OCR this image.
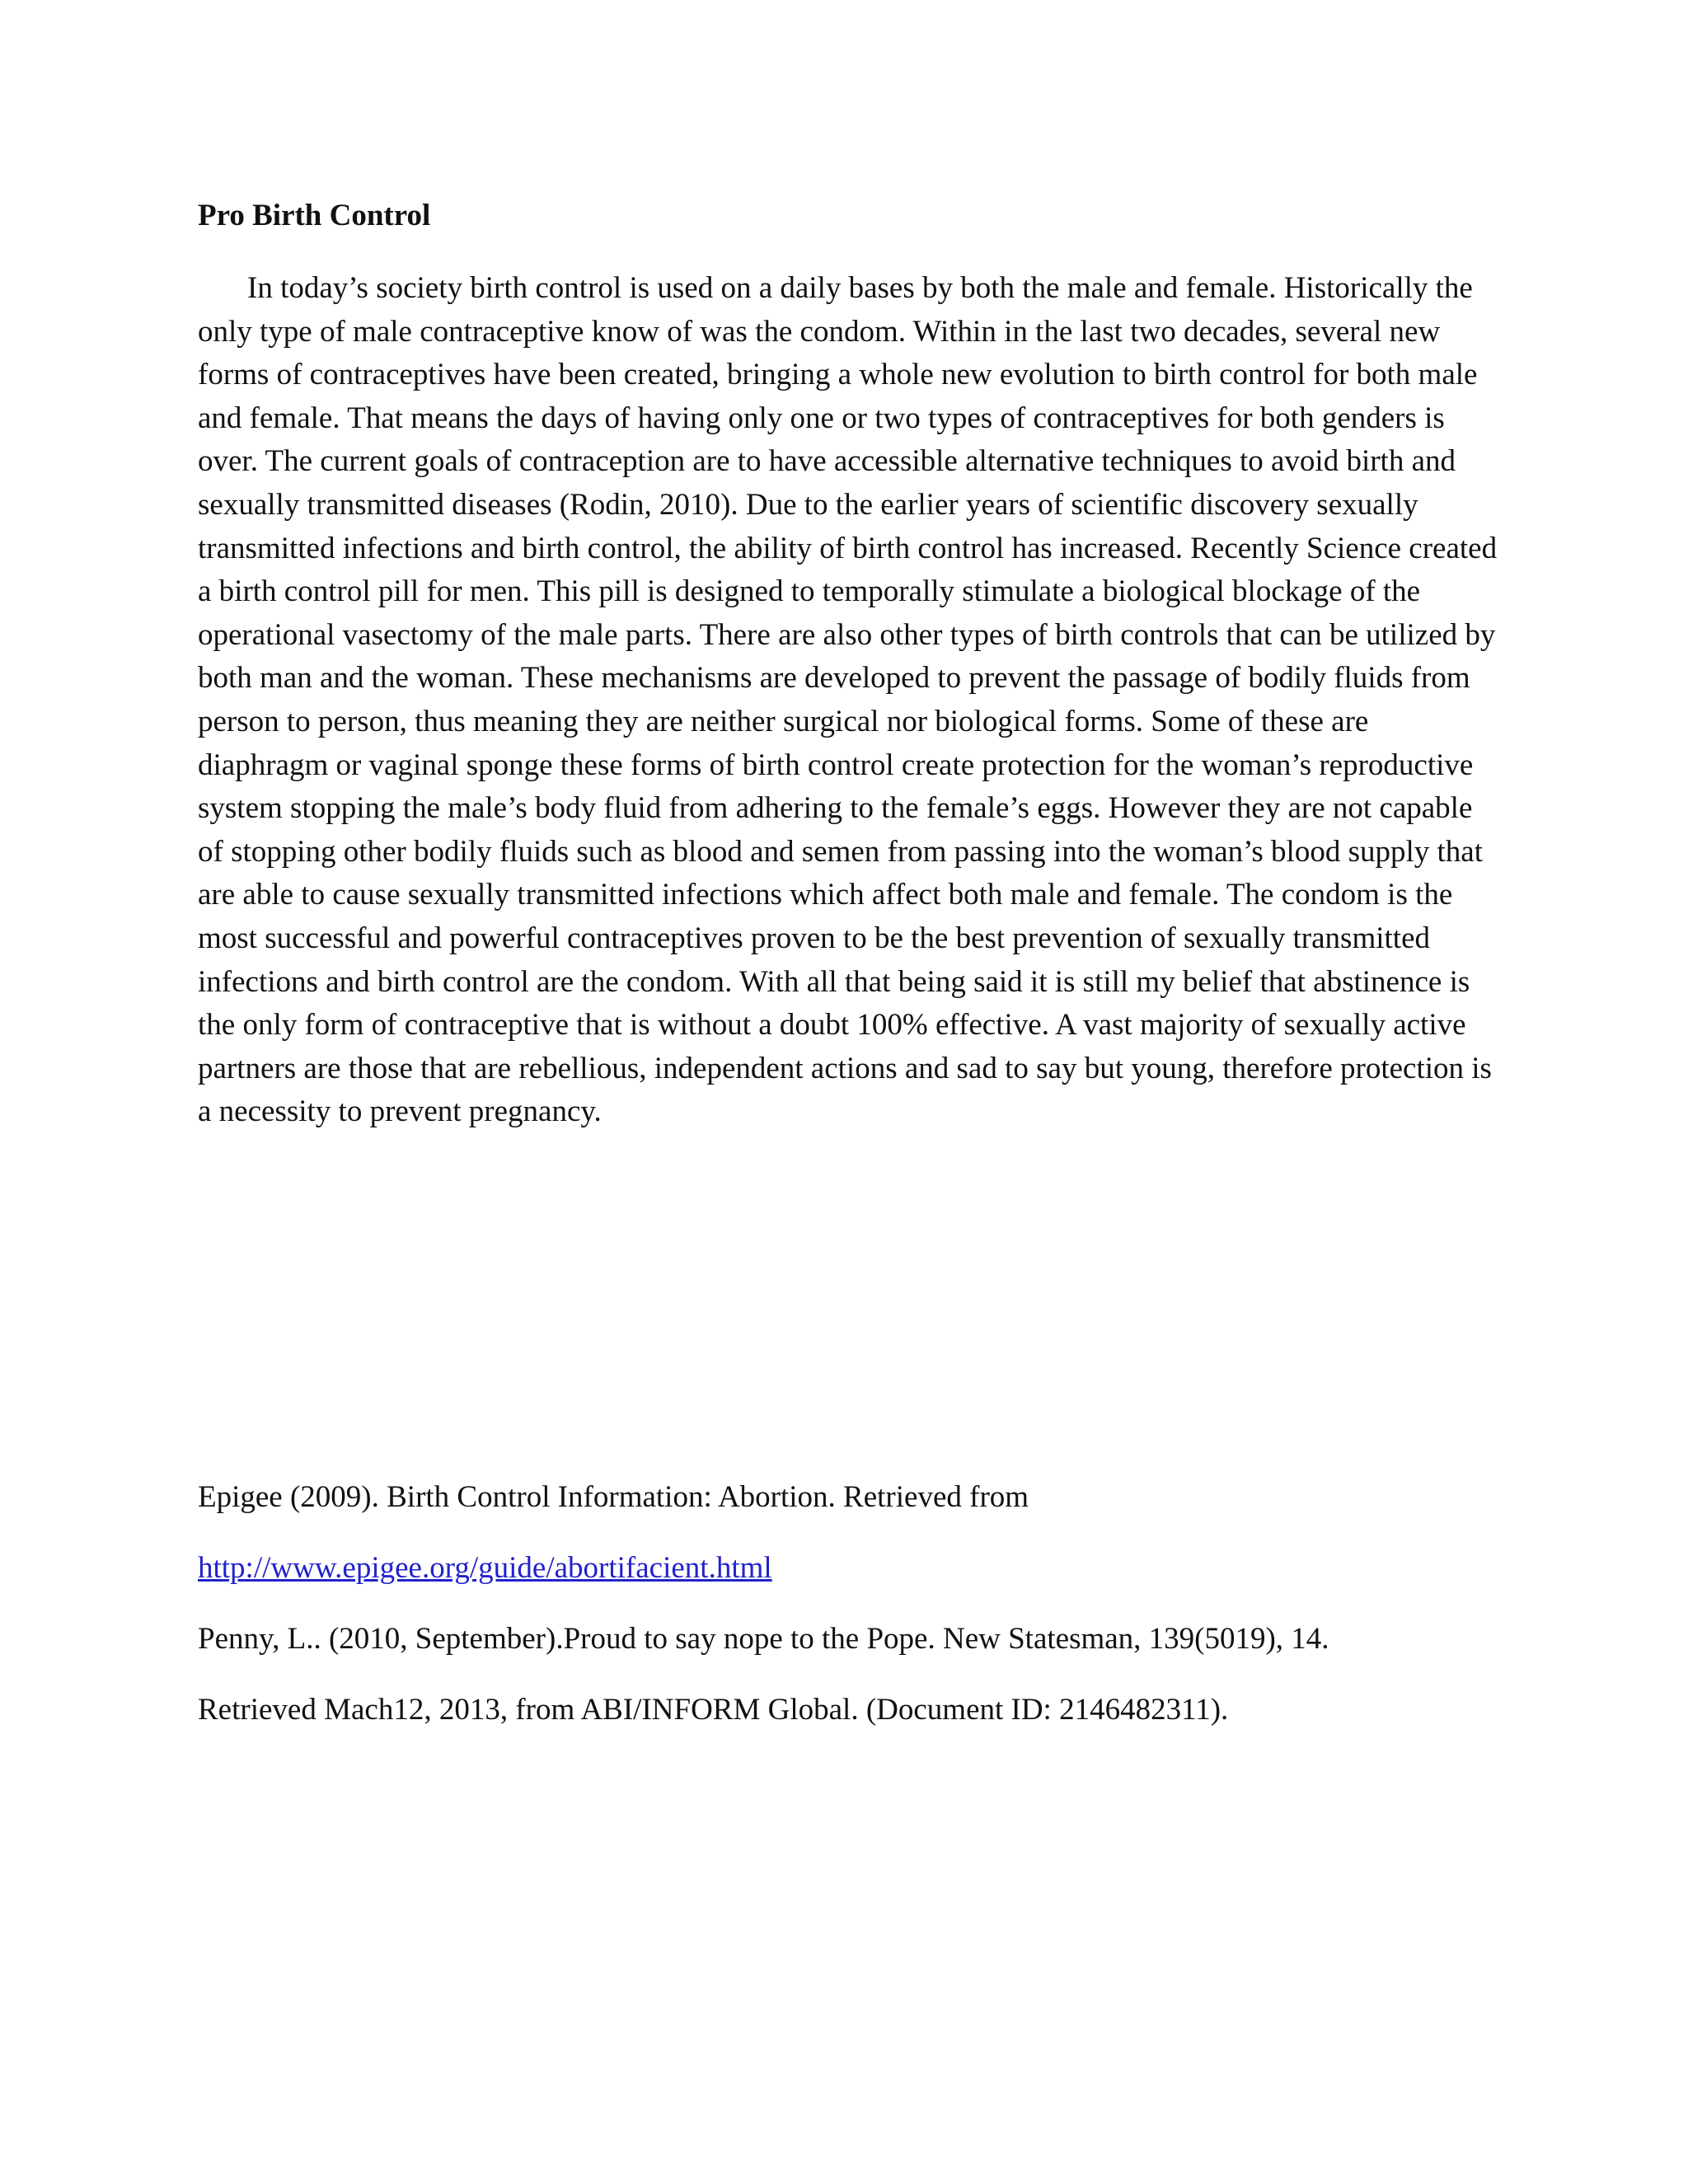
Pro Birth Control

In today’s society birth control is used on a daily bases by both the male and female. Historically the only type of male contraceptive know of was the condom. Within in the last two decades, several new forms of contraceptives have been created, bringing a whole new evolution to birth control for both male and female. That means the days of having only one or two types of contraceptives for both genders is over. The current goals of contraception are to have accessible alternative techniques to avoid birth and sexually transmitted diseases (Rodin, 2010). Due to the earlier years of scientific discovery sexually transmitted infections and birth control, the ability of birth control has increased. Recently Science created a birth control pill for men. This pill is designed to temporally stimulate a biological blockage of the operational vasectomy of the male parts. There are also other types of birth controls that can be utilized by both man and the woman. These mechanisms are developed to prevent the passage of bodily fluids from person to person, thus meaning they are neither surgical nor biological forms. Some of these are diaphragm or vaginal sponge these forms of birth control create protection for the woman’s reproductive system stopping the male’s body fluid from adhering to the female’s eggs. However they are not capable of stopping other bodily fluids such as blood and semen from passing into the woman’s blood supply that are able to cause sexually transmitted infections which affect both male and female. The condom is the most successful and powerful contraceptives proven to be the best prevention of sexually transmitted infections and birth control are the condom. With all that being said it is still my belief that abstinence is the only form of contraceptive that is without a doubt 100% effective. A vast majority of sexually active partners are those that are rebellious, independent actions and sad to say but young, therefore protection is a necessity to prevent pregnancy.

Epigee (2009). Birth Control Information: Abortion. Retrieved from
http://www.epigee.org/guide/abortifacient.html

Penny, L.. (2010, September).Proud to say nope to the Pope. New Statesman, 139(5019), 14.
Retrieved Mach12, 2013, from ABI/INFORM Global. (Document ID: 2146482311).
